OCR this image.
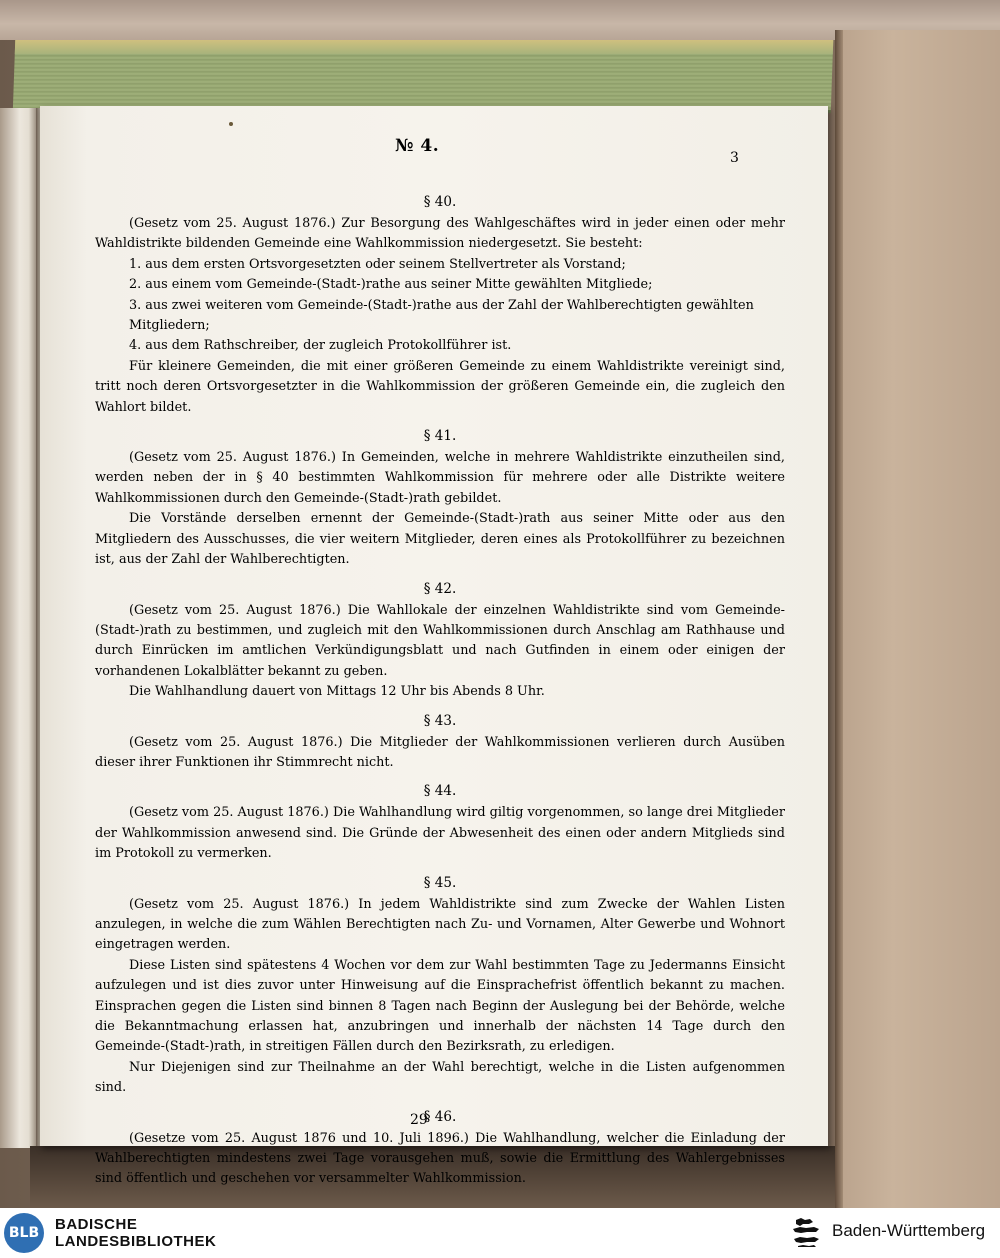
№ 4.
3
§ 40.

(Gesetz vom 25. August 1876.) Zur Besorgung des Wahlgeschäftes wird in jeder einen oder mehr Wahldistrikte bildenden Gemeinde eine Wahlkommission niedergesetzt. Sie besteht:

1. aus dem ersten Ortsvorgesetzten oder seinem Stellvertreter als Vorstand;

2. aus einem vom Gemeinde-(Stadt-)rathe aus seiner Mitte gewählten Mitgliede;

3. aus zwei weiteren vom Gemeinde-(Stadt-)rathe aus der Zahl der Wahlberechtigten gewählten Mitgliedern;

4. aus dem Rathschreiber, der zugleich Protokollführer ist.

Für kleinere Gemeinden, die mit einer größeren Gemeinde zu einem Wahldistrikte vereinigt sind, tritt noch deren Ortsvorgesetzter in die Wahlkommission der größeren Gemeinde ein, die zugleich den Wahlort bildet.

§ 41.

(Gesetz vom 25. August 1876.) In Gemeinden, welche in mehrere Wahldistrikte einzutheilen sind, werden neben der in § 40 bestimmten Wahlkommission für mehrere oder alle Distrikte weitere Wahlkommissionen durch den Gemeinde-(Stadt-)rath gebildet.

Die Vorstände derselben ernennt der Gemeinde-(Stadt-)rath aus seiner Mitte oder aus den Mitgliedern des Ausschusses, die vier weitern Mitglieder, deren eines als Protokollführer zu bezeichnen ist, aus der Zahl der Wahlberechtigten.

§ 42.

(Gesetz vom 25. August 1876.) Die Wahllokale der einzelnen Wahldistrikte sind vom Gemeinde-(Stadt-)rath zu bestimmen, und zugleich mit den Wahlkommissionen durch Anschlag am Rathhause und durch Einrücken im amtlichen Verkündigungsblatt und nach Gutfinden in einem oder einigen der vorhandenen Lokalblätter bekannt zu geben.

Die Wahlhandlung dauert von Mittags 12 Uhr bis Abends 8 Uhr.

§ 43.

(Gesetz vom 25. August 1876.) Die Mitglieder der Wahlkommissionen verlieren durch Ausüben dieser ihrer Funktionen ihr Stimmrecht nicht.

§ 44.

(Gesetz vom 25. August 1876.) Die Wahlhandlung wird giltig vorgenommen, so lange drei Mitglieder der Wahlkommission anwesend sind. Die Gründe der Abwesenheit des einen oder andern Mitglieds sind im Protokoll zu vermerken.

§ 45.

(Gesetz vom 25. August 1876.) In jedem Wahldistrikte sind zum Zwecke der Wahlen Listen anzulegen, in welche die zum Wählen Berechtigten nach Zu- und Vornamen, Alter Gewerbe und Wohnort eingetragen werden.

Diese Listen sind spätestens 4 Wochen vor dem zur Wahl bestimmten Tage zu Jedermanns Einsicht aufzulegen und ist dies zuvor unter Hinweisung auf die Einsprachefrist öffentlich bekannt zu machen. Einsprachen gegen die Listen sind binnen 8 Tagen nach Beginn der Auslegung bei der Behörde, welche die Bekanntmachung erlassen hat, anzubringen und innerhalb der nächsten 14 Tage durch den Gemeinde-(Stadt-)rath, in streitigen Fällen durch den Bezirksrath, zu erledigen.

Nur Diejenigen sind zur Theilnahme an der Wahl berechtigt, welche in die Listen aufgenommen sind.

§ 46.

(Gesetze vom 25. August 1876 und 10. Juli 1896.) Die Wahlhandlung, welcher die Einladung der Wahlberechtigten mindestens zwei Tage vorausgehen muß, sowie die Ermittlung des Wahlergebnisses sind öffentlich und geschehen vor versammelter Wahlkommission.

29
BLB	BADISCHE
LANDESBIBLIOTHEK
Baden-Württemberg
